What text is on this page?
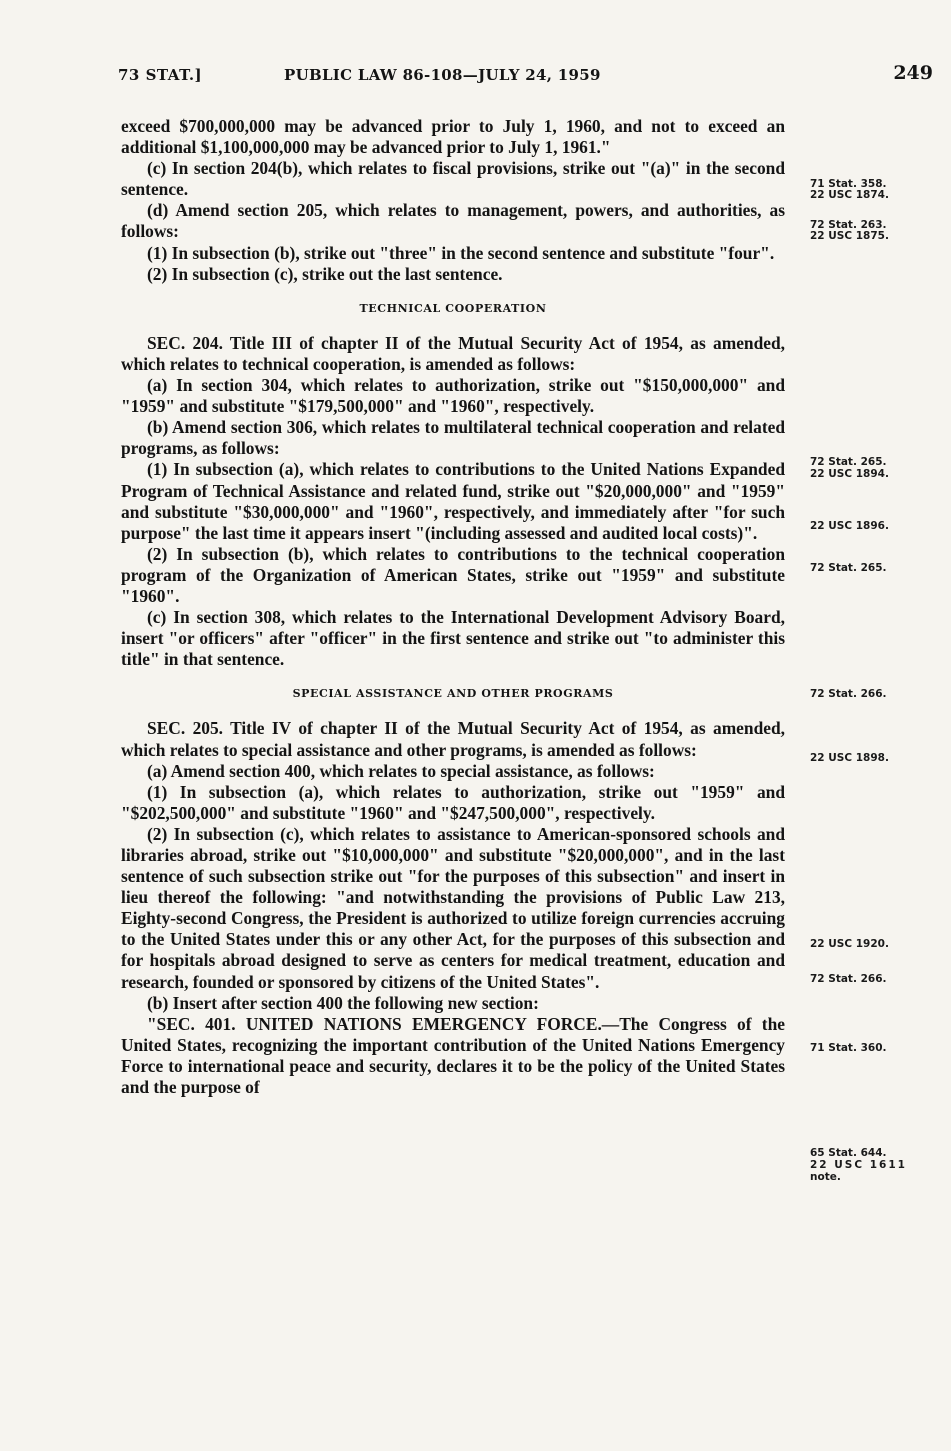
73 STAT.]	PUBLIC LAW 86-108—JULY 24, 1959	249

exceed $700,000,000 may be advanced prior to July 1, 1960, and not to exceed an additional $1,100,000,000 may be advanced prior to July 1, 1961."

(c) In section 204(b), which relates to fiscal provisions, strike out "(a)" in the second sentence.

(d) Amend section 205, which relates to management, powers, and authorities, as follows:

(1) In subsection (b), strike out "three" in the second sentence and substitute "four".

(2) In subsection (c), strike out the last sentence.

TECHNICAL COOPERATION

SEC. 204. Title III of chapter II of the Mutual Security Act of 1954, as amended, which relates to technical cooperation, is amended as follows:

(a) In section 304, which relates to authorization, strike out "$150,000,000" and "1959" and substitute "$179,500,000" and "1960", respectively.

(b) Amend section 306, which relates to multilateral technical cooperation and related programs, as follows:

(1) In subsection (a), which relates to contributions to the United Nations Expanded Program of Technical Assistance and related fund, strike out "$20,000,000" and "1959" and substitute "$30,000,000" and "1960", respectively, and immediately after "for such purpose" the last time it appears insert "(including assessed and audited local costs)".

(2) In subsection (b), which relates to contributions to the technical cooperation program of the Organization of American States, strike out "1959" and substitute "1960".

(c) In section 308, which relates to the International Development Advisory Board, insert "or officers" after "officer" in the first sentence and strike out "to administer this title" in that sentence.

SPECIAL ASSISTANCE AND OTHER PROGRAMS

SEC. 205. Title IV of chapter II of the Mutual Security Act of 1954, as amended, which relates to special assistance and other programs, is amended as follows:

(a) Amend section 400, which relates to special assistance, as follows:

(1) In subsection (a), which relates to authorization, strike out "1959" and "$202,500,000" and substitute "1960" and "$247,500,000", respectively.

(2) In subsection (c), which relates to assistance to American-sponsored schools and libraries abroad, strike out "$10,000,000" and substitute "$20,000,000", and in the last sentence of such subsection strike out "for the purposes of this subsection" and insert in lieu thereof the following: "and notwithstanding the provisions of Public Law 213, Eighty-second Congress, the President is authorized to utilize foreign currencies accruing to the United States under this or any other Act, for the purposes of this subsection and for hospitals abroad designed to serve as centers for medical treatment, education and research, founded or sponsored by citizens of the United States".

(b) Insert after section 400 the following new section:

"SEC. 401. UNITED NATIONS EMERGENCY FORCE.—The Congress of the United States, recognizing the important contribution of the United Nations Emergency Force to international peace and security, declares it to be the policy of the United States and the purpose of

71 Stat. 358.
22 USC 1874.
72 Stat. 263.
22 USC 1875.
72 Stat. 265.
22 USC 1894.
22 USC 1896.
72 Stat. 265.
72 Stat. 266.
22 USC 1898.
22 USC 1920.
72 Stat. 266.
71 Stat. 360.
65 Stat. 644.
22 USC 1611
note.
